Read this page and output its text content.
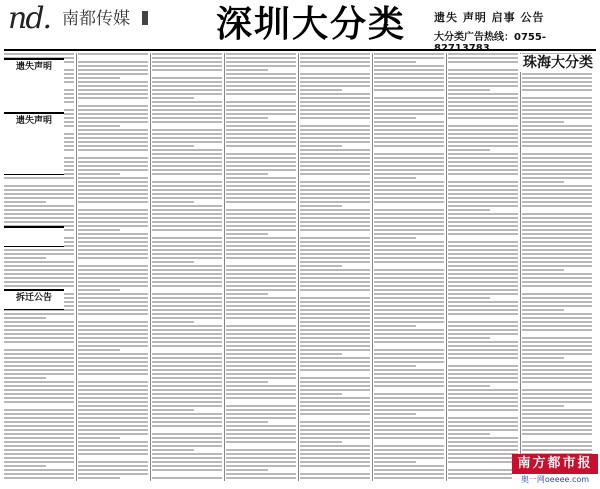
nd. 南都传媒 深圳大分类	遗失 声明 启事 公告
大分类广告热线：0755-
遗失声明
遗失声明
拆迁公告
珠海大分类
南方都市报
奥一网oeeee.com
